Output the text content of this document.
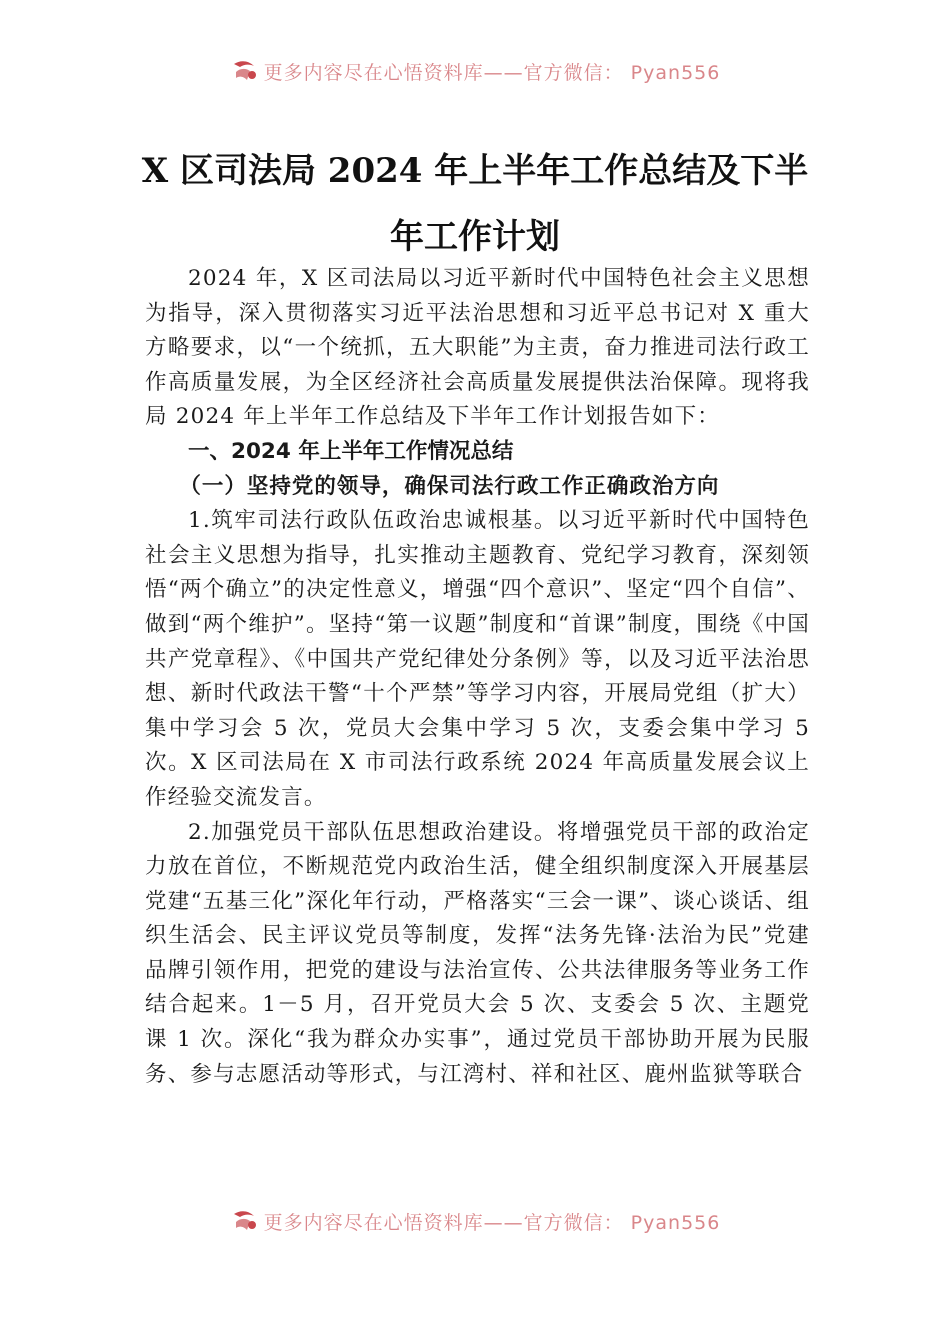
更多内容尽在心悟资料库——官方微信： Pyan556
X 区司法局 2024 年上半年工作总结及下半
年工作计划

2024 年，X 区司法局以习近平新时代中国特色社会主义思想为指导，深入贯彻落实习近平法治思想和习近平总书记对 X 重大方略要求，以“一个统抓，五大职能”为主责，奋力推进司法行政工作高质量发展，为全区经济社会高质量发展提供法治保障。现将我局 2024 年上半年工作总结及下半年工作计划报告如下：

一、2024 年上半年工作情况总结
（一）坚持党的领导，确保司法行政工作正确政治方向

1.筑牢司法行政队伍政治忠诚根基。以习近平新时代中国特色社会主义思想为指导，扎实推动主题教育、党纪学习教育，深刻领悟“两个确立”的决定性意义，增强“四个意识”、坚定“四个自信”、做到“两个维护”。坚持“第一议题”制度和“首课”制度，围绕《中国共产党章程》、《中国共产党纪律处分条例》等，以及习近平法治思想、新时代政法干警“十个严禁”等学习内容，开展局党组（扩大）集中学习会 5 次，党员大会集中学习 5 次，支委会集中学习 5 次。X 区司法局在 X 市司法行政系统 2024 年高质量发展会议上作经验交流发言。

2.加强党员干部队伍思想政治建设。将增强党员干部的政治定力放在首位，不断规范党内政治生活，健全组织制度深入开展基层党建“五基三化”深化年行动，严格落实“三会一课”、谈心谈话、组织生活会、民主评议党员等制度，发挥“法务先锋·法治为民”党建品牌引领作用，把党的建设与法治宣传、公共法律服务等业务工作结合起来。1－5 月，召开党员大会 5 次、支委会 5 次、主题党课 1 次。深化“我为群众办实事”，通过党员干部协助开展为民服务、参与志愿活动等形式，与江湾村、祥和社区、鹿州监狱等联合

更多内容尽在心悟资料库——官方微信： Pyan556
